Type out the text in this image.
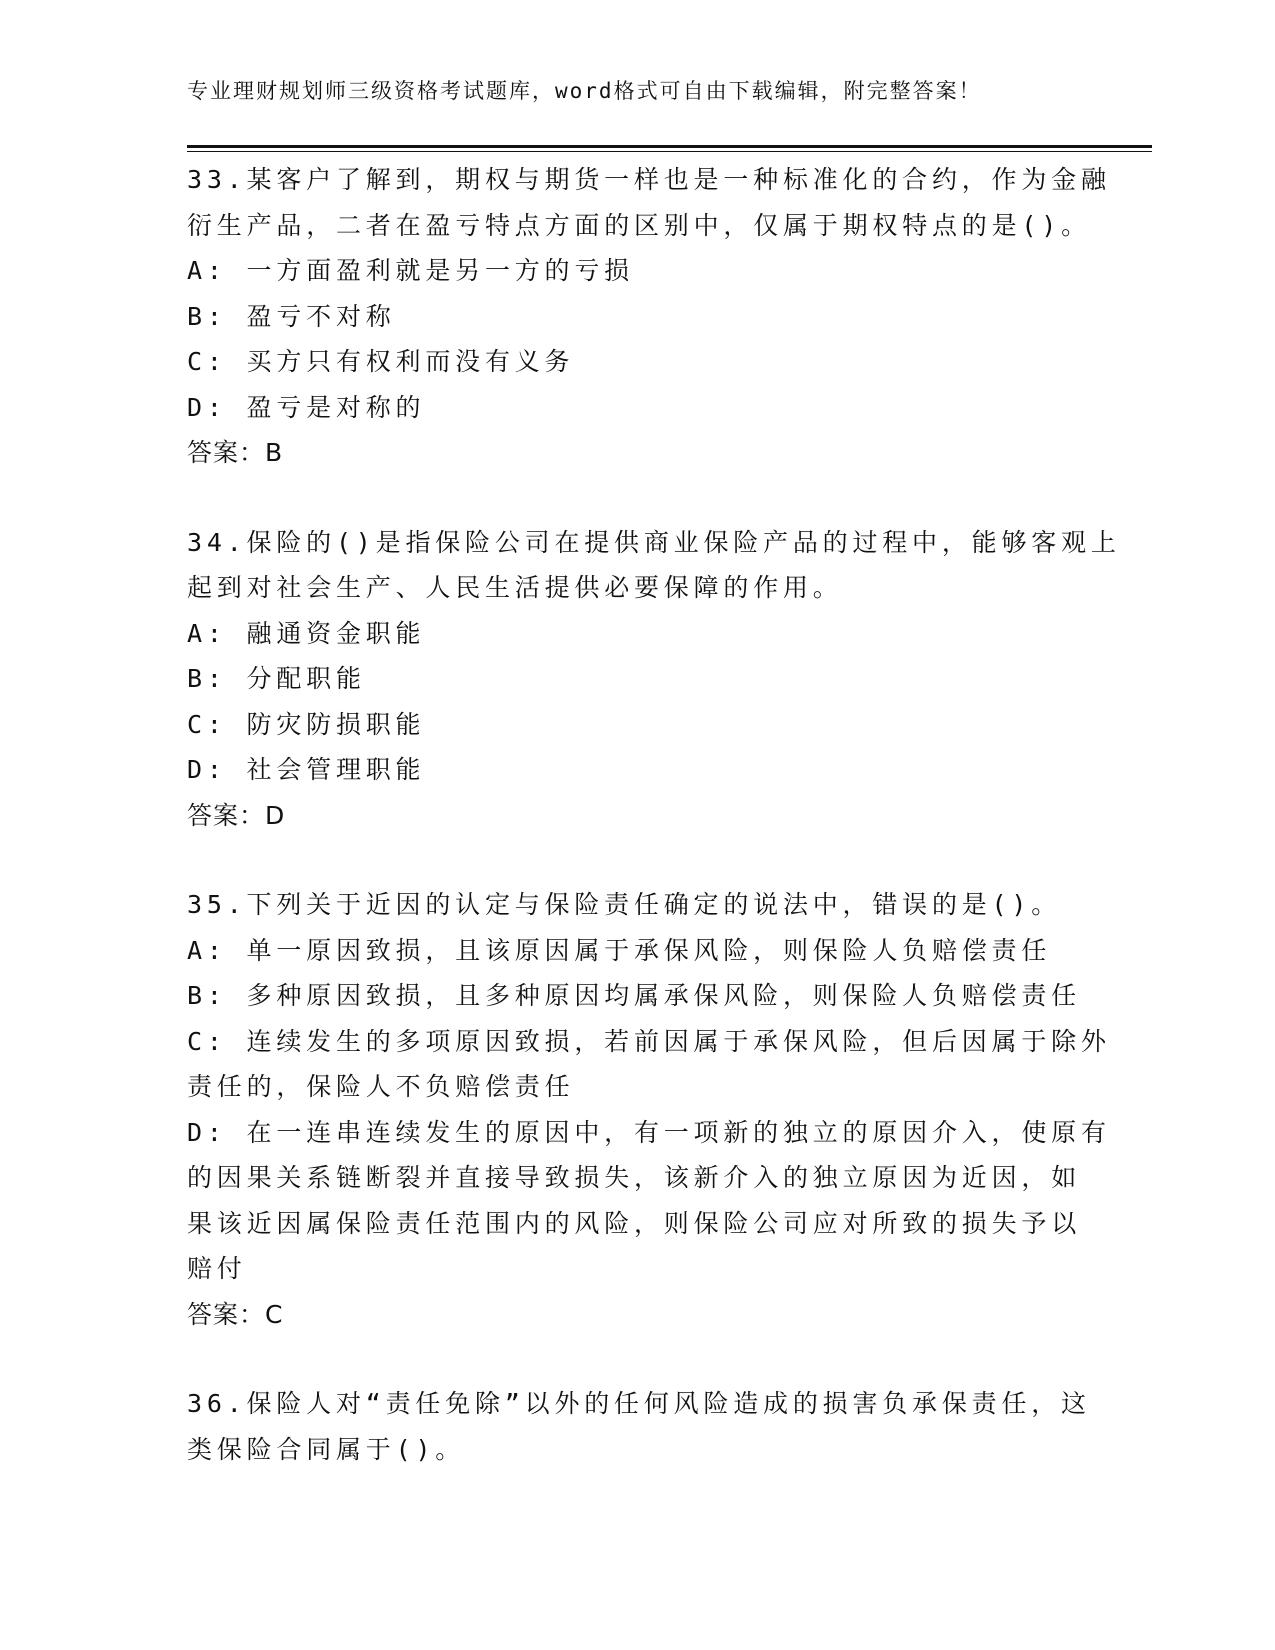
专业理财规划师三级资格考试题库，word格式可自由下载编辑，附完整答案！
33.某客户了解到，期权与期货一样也是一种标准化的合约，作为金融
衍生产品，二者在盈亏特点方面的区别中，仅属于期权特点的是()。
A: 一方面盈利就是另一方的亏损
B: 盈亏不对称
C: 买方只有权利而没有义务
D: 盈亏是对称的
答案：B
34.保险的()是指保险公司在提供商业保险产品的过程中，能够客观上
起到对社会生产、人民生活提供必要保障的作用。
A: 融通资金职能
B: 分配职能
C: 防灾防损职能
D: 社会管理职能
答案：D
35.下列关于近因的认定与保险责任确定的说法中，错误的是()。
A: 单一原因致损，且该原因属于承保风险，则保险人负赔偿责任
B: 多种原因致损，且多种原因均属承保风险，则保险人负赔偿责任
C: 连续发生的多项原因致损，若前因属于承保风险，但后因属于除外
责任的，保险人不负赔偿责任
D: 在一连串连续发生的原因中，有一项新的独立的原因介入，使原有
的因果关系链断裂并直接导致损失，该新介入的独立原因为近因，如
果该近因属保险责任范围内的风险，则保险公司应对所致的损失予以
赔付
答案：C
36.保险人对“责任免除”以外的任何风险造成的损害负承保责任，这
类保险合同属于()。
